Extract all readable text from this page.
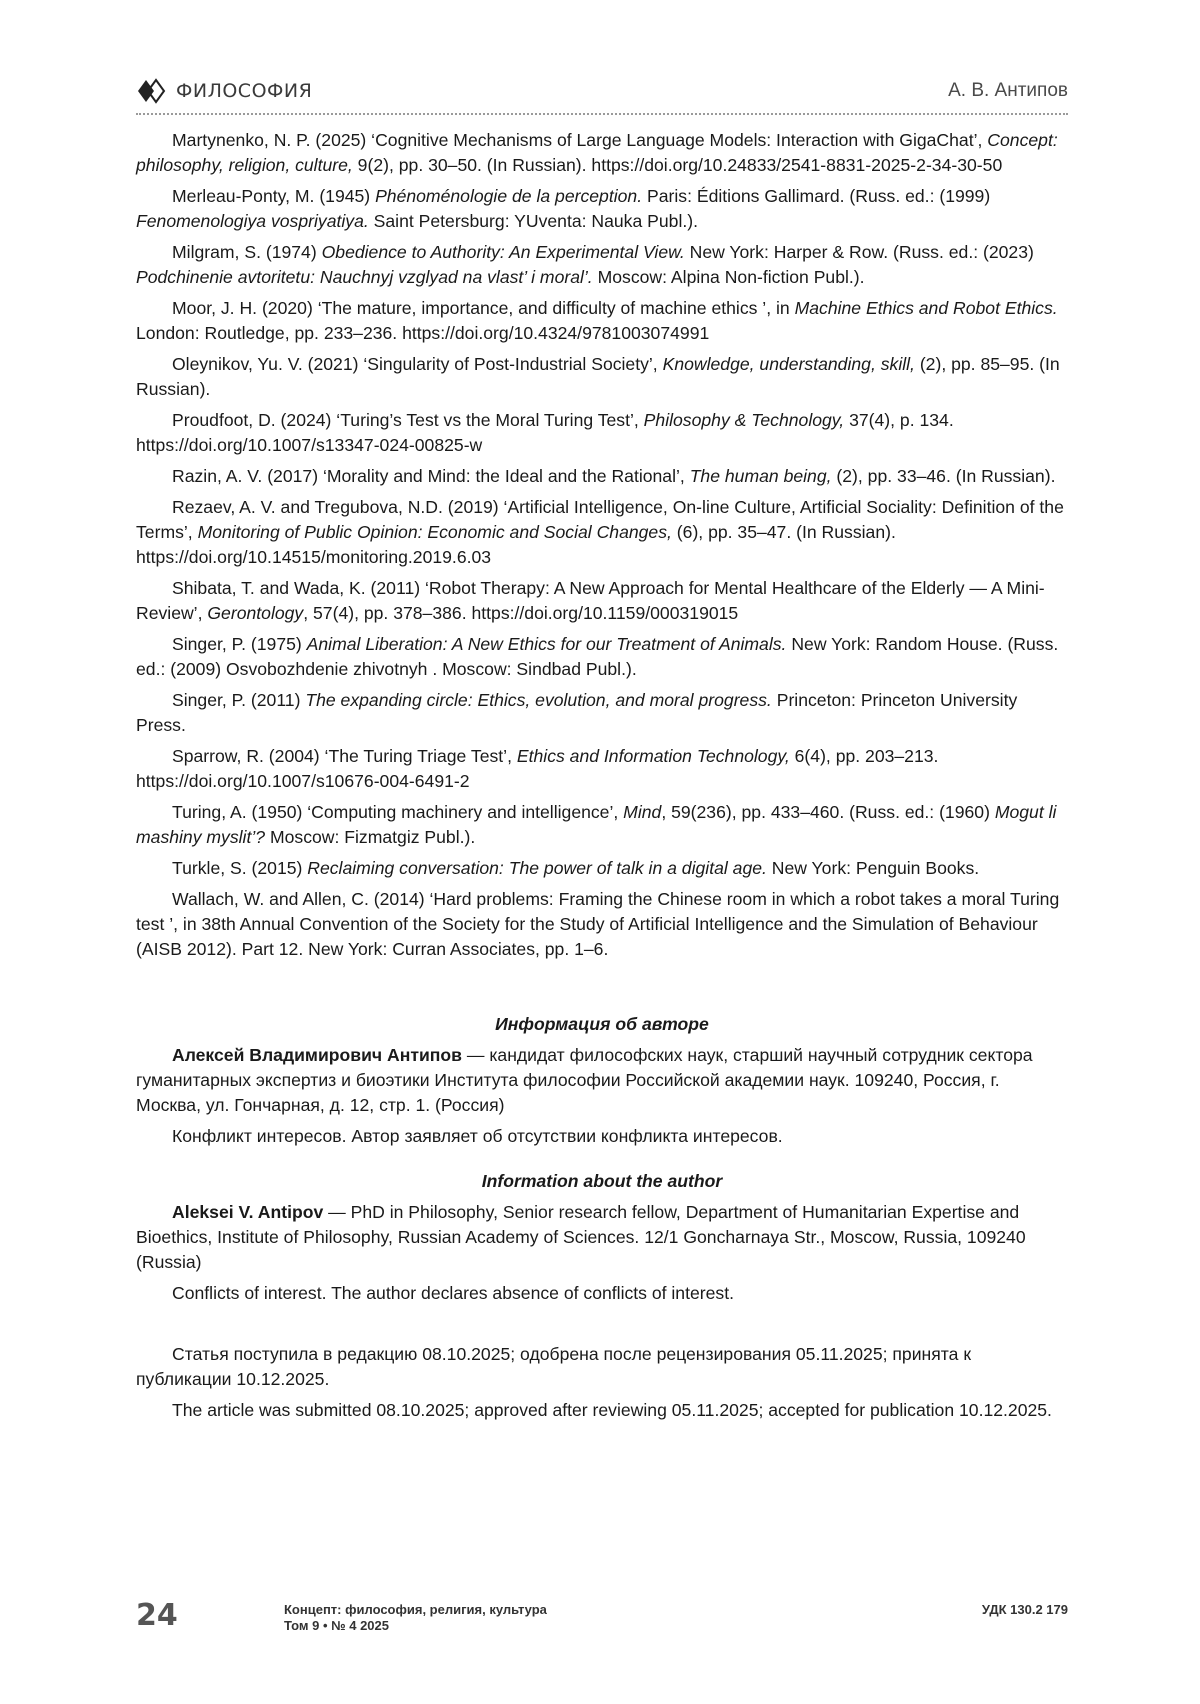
ФИЛОСОФИЯ	А. В. Антипов

Martynenko, N. P. (2025) ‘Cognitive Mechanisms of Large Language Models: Interaction with GigaChat’, Concept: philosophy, religion, culture, 9(2), pp. 30–50. (In Russian). https://doi.org/10.24833/2541-8831-2025-2-34-30-50

Merleau-Ponty, M. (1945) Phénoménologie de la perception. Paris: Éditions Gallimard. (Russ. ed.: (1999) Fenomenologiya vospriyatiya. Saint Petersburg: YUventa: Nauka Publ.).

Milgram, S. (1974) Obedience to Authority: An Experimental View. New York: Harper & Row. (Russ. ed.: (2023) Podchinenie avtoritetu: Nauchnyj vzglyad na vlast’ i moral’. Moscow: Alpina Non-fiction Publ.).

Moor, J. H. (2020) ‘The mature, importance, and difficulty of machine ethics ’, in Machine Ethics and Robot Ethics. London: Routledge, pp. 233–236. https://doi.org/10.4324/9781003074991

Oleynikov, Yu. V. (2021) ‘Singularity of Post-Industrial Society’, Knowledge, understanding, skill, (2), pp. 85–95. (In Russian).

Proudfoot, D. (2024) ‘Turing’s Test vs the Moral Turing Test’, Philosophy & Technology, 37(4), p. 134. https://doi.org/10.1007/s13347-024-00825-w

Razin, A. V. (2017) ‘Morality and Mind: the Ideal and the Rational’, The human being, (2), pp. 33–46. (In Russian).

Rezaev, A. V. and Tregubova, N.D. (2019) ‘Artificial Intelligence, On-line Culture, Artificial Sociality: Definition of the Terms’, Monitoring of Public Opinion: Economic and Social Changes, (6), pp. 35–47. (In Russian). https://doi.org/10.14515/monitoring.2019.6.03

Shibata, T. and Wada, K. (2011) ‘Robot Therapy: A New Approach for Mental Healthcare of the Elderly — A Mini-Review’, Gerontology, 57(4), pp. 378–386. https://doi.org/10.1159/000319015

Singer, P. (1975) Animal Liberation: A New Ethics for our Treatment of Animals. New York: Random House. (Russ. ed.: (2009) Osvobozhdenie zhivotnyh . Moscow: Sindbad Publ.).

Singer, P. (2011) The expanding circle: Ethics, evolution, and moral progress. Princeton: Princeton University Press.

Sparrow, R. (2004) ‘The Turing Triage Test’, Ethics and Information Technology, 6(4), pp. 203–213. https://doi.org/10.1007/s10676-004-6491-2

Turing, A. (1950) ‘Computing machinery and intelligence’, Mind, 59(236), pp. 433–460. (Russ. ed.: (1960) Mogut li mashiny myslit’? Moscow: Fizmatgiz Publ.).

Turkle, S. (2015) Reclaiming conversation: The power of talk in a digital age. New York: Penguin Books.

Wallach, W. and Allen, C. (2014) ‘Hard problems: Framing the Chinese room in which a robot takes a moral Turing test ’, in 38th Annual Convention of the Society for the Study of Artificial Intelligence and the Simulation of Behaviour (AISB 2012). Part 12. New York: Curran Associates, pp. 1–6.

Информация об авторе

Алексей Владимирович Антипов — кандидат философских наук, старший научный сотрудник сектора гуманитарных экспертиз и биоэтики Института философии Российской академии наук. 109240, Россия, г. Москва, ул. Гончарная, д. 12, стр. 1. (Россия)

Конфликт интересов. Автор заявляет об отсутствии конфликта интересов.

Information about the author

Aleksei V. Antipov — PhD in Philosophy, Senior research fellow, Department of Humanitarian Expertise and Bioethics, Institute of Philosophy, Russian Academy of Sciences. 12/1 Goncharnaya Str., Moscow, Russia, 109240 (Russia)

Conflicts of interest. The author declares absence of conflicts of interest.

Статья поступила в редакцию 08.10.2025; одобрена после рецензирования 05.11.2025; принята к публикации 10.12.2025.

The article was submitted 08.10.2025; approved after reviewing 05.11.2025; accepted for publication 10.12.2025.

24	Концепт: философия, религия, культура
Том 9 • № 4 2025
УДК 130.2 179
